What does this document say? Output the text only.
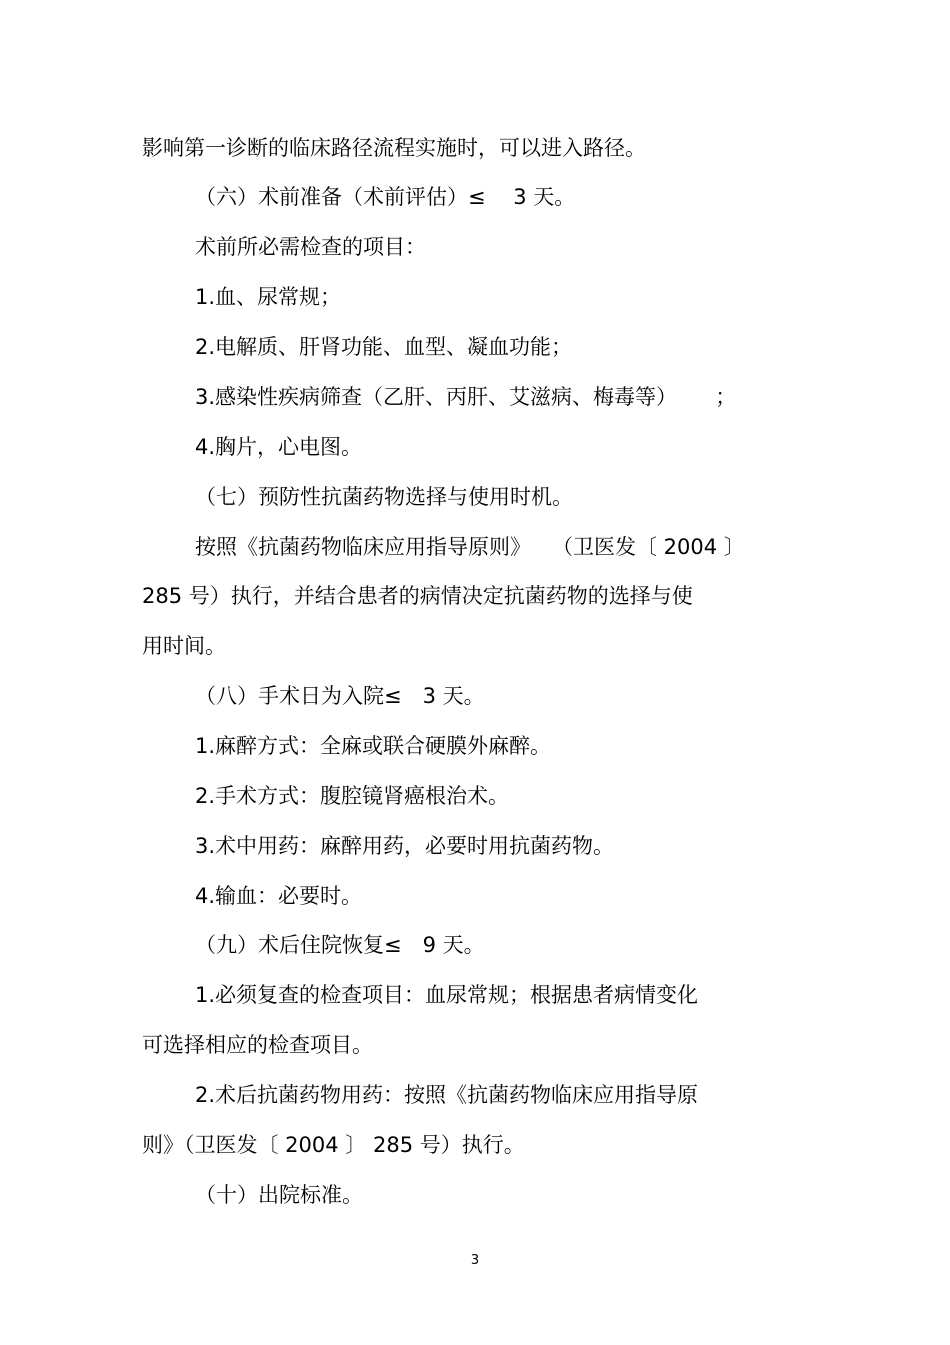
影响第一诊断的临床路径流程实施时，可以进入路径。

（六）术前准备（术前评估）≤　 3 天。

术前所必需检查的项目：

1.血、尿常规；

2.电解质、肝肾功能、血型、凝血功能；

3.感染性疾病筛查（乙肝、丙肝、艾滋病、梅毒等）　　 ；

4.胸片，心电图。

（七）预防性抗菌药物选择与使用时机。

按照《抗菌药物临床应用指导原则》　　（卫医发〔 2004 〕

285 号）执行，并结合患者的病情决定抗菌药物的选择与使

用时间。

（八）手术日为入院≤　3 天。

1.麻醉方式：全麻或联合硬膜外麻醉。

2.手术方式：腹腔镜肾癌根治术。

3.术中用药：麻醉用药，必要时用抗菌药物。

4.输血：必要时。

（九）术后住院恢复≤　9 天。

1.必须复查的检查项目：血尿常规；根据患者病情变化

可选择相应的检查项目。

2.术后抗菌药物用药：按照《抗菌药物临床应用指导原

则》（卫医发〔 2004 〕 285 号）执行。

（十）出院标准。

3
